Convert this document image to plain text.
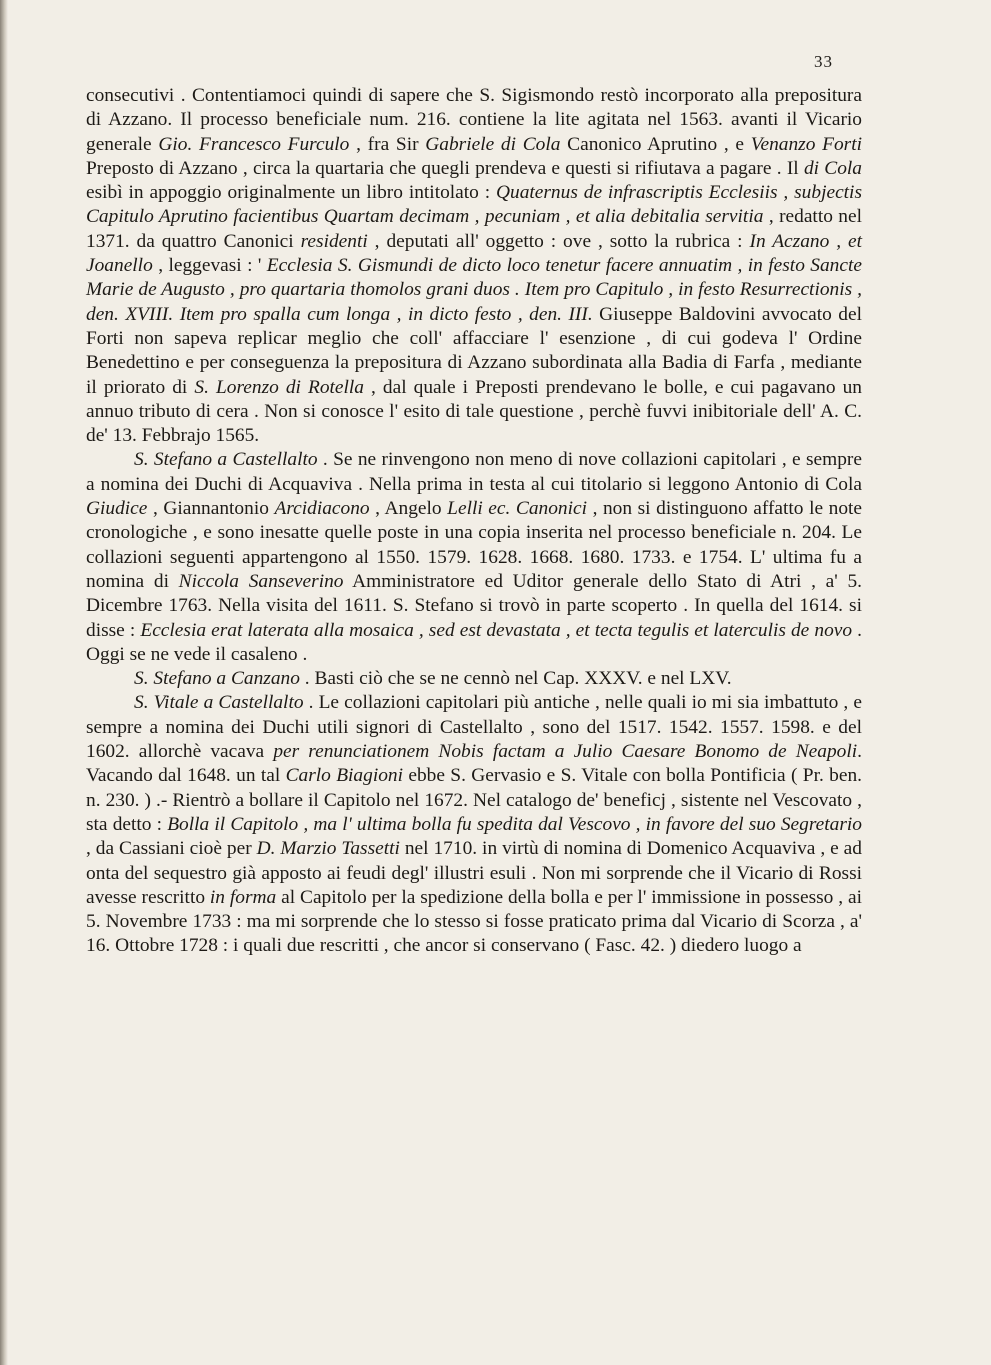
33

consecutivi . Contentiamoci quindi di sapere che S. Sigismondo restò incorporato alla prepositura di Azzano. Il processo beneficiale num. 216. contiene la lite agitata nel 1563. avanti il Vicario generale Gio. Francesco Furculo , fra Sir Gabriele di Cola Canonico Aprutino , e Venanzo Forti Preposto di Azzano , circa la quartaria che quegli prendeva e questi si rifiutava a pagare . Il di Cola esibì in appoggio originalmente un libro intitolato : Quaternus de infrascriptis Ecclesiis , subjectis Capitulo Aprutino facientibus Quartam decimam , pecuniam , et alia debitalia servitia , redatto nel 1371. da quattro Canonici residenti , deputati all' oggetto : ove , sotto la rubrica : In Aczano , et Joanello , leggevasi : ' Ecclesia S. Gismundi de dicto loco tenetur facere annuatim , in festo Sancte Marie de Augusto , pro quartaria thomolos grani duos . Item pro Capitulo , in festo Resurrectionis , den. XVIII. Item pro spalla cum longa , in dicto festo , den. III. Giuseppe Baldovini avvocato del Forti non sapeva replicar meglio che coll' affacciare l' esenzione , di cui godeva l' Ordine Benedettino e per conseguenza la prepositura di Azzano subordinata alla Badia di Farfa , mediante il priorato di S. Lorenzo di Rotella , dal quale i Preposti prendevano le bolle, e cui pagavano un annuo tributo di cera . Non si conosce l' esito di tale questione , perchè fuvvi inibitoriale dell' A. C. de' 13. Febbrajo 1565.

S. Stefano a Castellalto . Se ne rinvengono non meno di nove collazioni capitolari , e sempre a nomina dei Duchi di Acquaviva . Nella prima in testa al cui titolario si leggono Antonio di Cola Giudice , Giannantonio Arcidiacono , Angelo Lelli ec. Canonici , non si distinguono affatto le note cronologiche , e sono inesatte quelle poste in una copia inserita nel processo beneficiale n. 204. Le collazioni seguenti appartengono al 1550. 1579. 1628. 1668. 1680. 1733. e 1754. L' ultima fu a nomina di Niccola Sanseverino Amministratore ed Uditor generale dello Stato di Atri , a' 5. Dicembre 1763. Nella visita del 1611. S. Stefano si trovò in parte scoperto . In quella del 1614. si disse : Ecclesia erat laterata alla mosaica , sed est devastata , et tecta tegulis et laterculis de novo . Oggi se ne vede il casaleno .

S. Stefano a Canzano . Basti ciò che se ne cennò nel Cap. XXXV. e nel LXV.

S. Vitale a Castellalto . Le collazioni capitolari più antiche , nelle quali io mi sia imbattuto , e sempre a nomina dei Duchi utili signori di Castellalto , sono del 1517. 1542. 1557. 1598. e del 1602. allorchè vacava per renunciationem Nobis factam a Julio Caesare Bonomo de Neapoli. Vacando dal 1648. un tal Carlo Biagioni ebbe S. Gervasio e S. Vitale con bolla Pontificia ( Pr. ben. n. 230. ) .- Rientrò a bollare il Capitolo nel 1672. Nel catalogo de' beneficj , sistente nel Vescovato , sta detto : Bolla il Capitolo , ma l' ultima bolla fu spedita dal Vescovo , in favore del suo Segretario , da Cassiani cioè per D. Marzio Tassetti nel 1710. in virtù di nomina di Domenico Acquaviva , e ad onta del sequestro già apposto ai feudi degl' illustri esuli . Non mi sorprende che il Vicario di Rossi avesse rescritto in forma al Capitolo per la spedizione della bolla e per l' immissione in possesso , ai 5. Novembre 1733 : ma mi sorprende che lo stesso si fosse praticato prima dal Vicario di Scorza , a' 16. Ottobre 1728 : i quali due rescritti , che ancor si conservano ( Fasc. 42. ) diedero luogo a
